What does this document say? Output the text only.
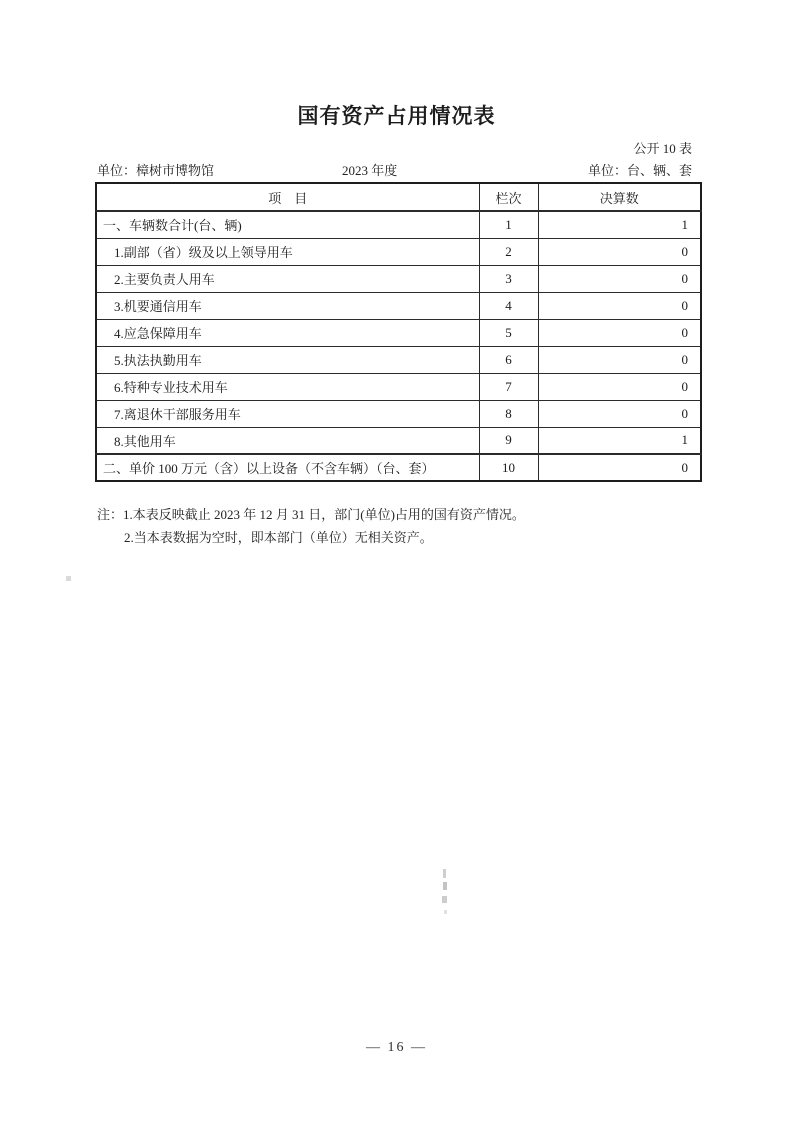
国有资产占用情况表
公开 10 表
单位：樟树市博物馆	2023 年度	单位：台、辆、套
项　目	栏次	决算数
一、车辆数合计(台、辆)	1	1
1.副部（省）级及以上领导用车	2	0
2.主要负责人用车	3	0
3.机要通信用车	4	0
4.应急保障用车	5	0
5.执法执勤用车	6	0
6.特种专业技术用车	7	0
7.离退休干部服务用车	8	0
8.其他用车	9	1
二、单价 100 万元（含）以上设备（不含车辆）（台、套）	10	0
注：1.本表反映截止 2023 年 12 月 31 日，部门(单位)占用的国有资产情况。
2.当本表数据为空时，即本部门（单位）无相关资产。
— 16 —
